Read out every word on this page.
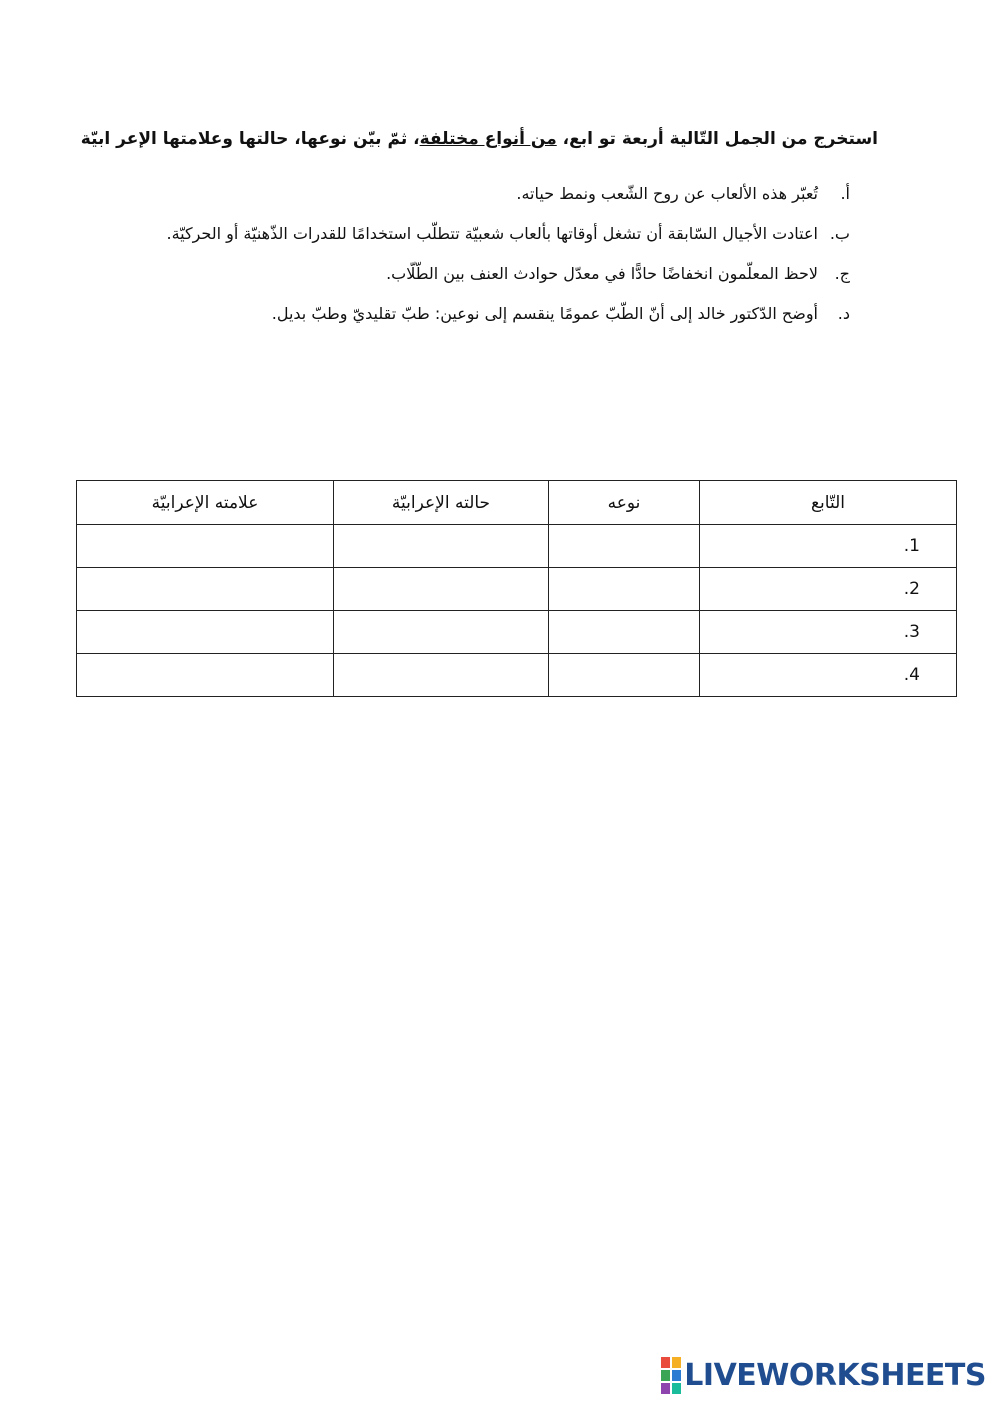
استخرج من الجمل التّالية أربعة تو ابع، من أنواع مختلفة، ثمّ بيّن نوعها، حالتها وعلامتها الإعر ابيّة
أ.
تُعبّر هذه الألعاب عن روح الشّعب ونمط حياته.
ب.
اعتادت الأجيال السّابقة أن تشغل أوقاتها بألعاب شعبيّة تتطلّب استخدامًا للقدرات الذّهنيّة أو الحركيّة.
ج.
لاحظ المعلّمون انخفاضًا حادًّا في معدّل حوادث العنف بين الطّلّاب.
د.
أوضح الدّكتور خالد إلى أنّ الطّبّ عمومًا ينقسم إلى نوعين: طبّ تقليديّ وطبّ بديل.
التّابع	نوعه	حالته الإعرابيّة	علامته الإعرابيّة
1.			
2.			
3.			
4.			
LIVEWORKSHEETS
